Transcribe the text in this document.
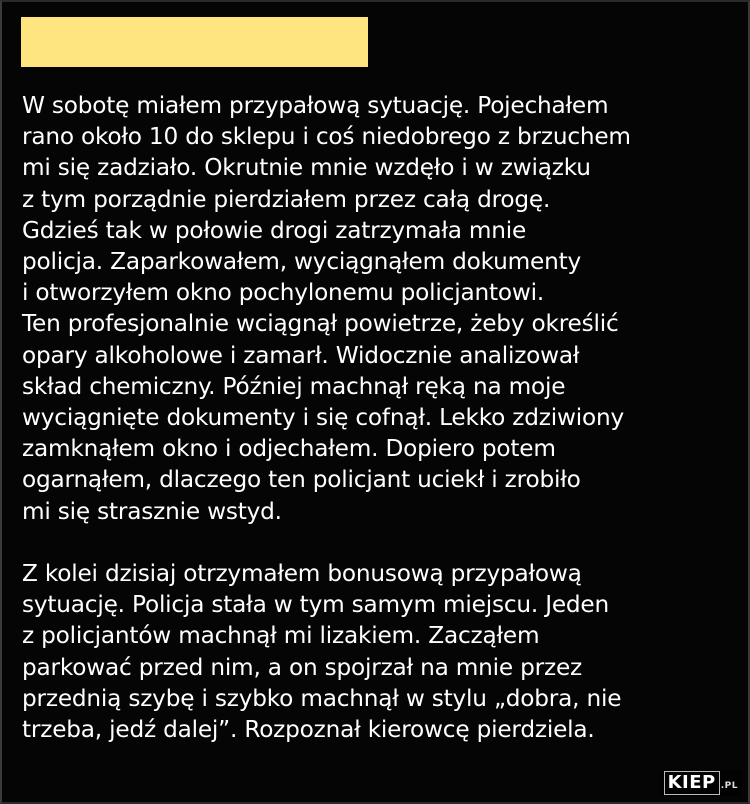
W sobotę miałem przypałową sytuację. Pojechałem
rano około 10 do sklepu i coś niedobrego z brzuchem
mi się zadziało. Okrutnie mnie wzdęło i w związku
z tym porządnie pierdziałem przez całą drogę.
Gdzieś tak w połowie drogi zatrzymała mnie
policja. Zaparkowałem, wyciągnąłem dokumenty
i otworzyłem okno pochylonemu policjantowi.
Ten profesjonalnie wciągnął powietrze, żeby określić
opary alkoholowe i zamarł. Widocznie analizował
skład chemiczny. Później machnął ręką na moje
wyciągnięte dokumenty i się cofnął. Lekko zdziwiony
zamknąłem okno i odjechałem. Dopiero potem
ogarnąłem, dlaczego ten policjant uciekł i zrobiło
mi się strasznie wstyd.
Z kolei dzisiaj otrzymałem bonusową przypałową
sytuację. Policja stała w tym samym miejscu. Jeden
z policjantów machnął mi lizakiem. Zacząłem
parkować przed nim, a on spojrzał na mnie przez
przednią szybę i szybko machnął w stylu „dobra, nie
trzeba, jedź dalej”. Rozpoznał kierowcę pierdziela.
KIEP .PL
